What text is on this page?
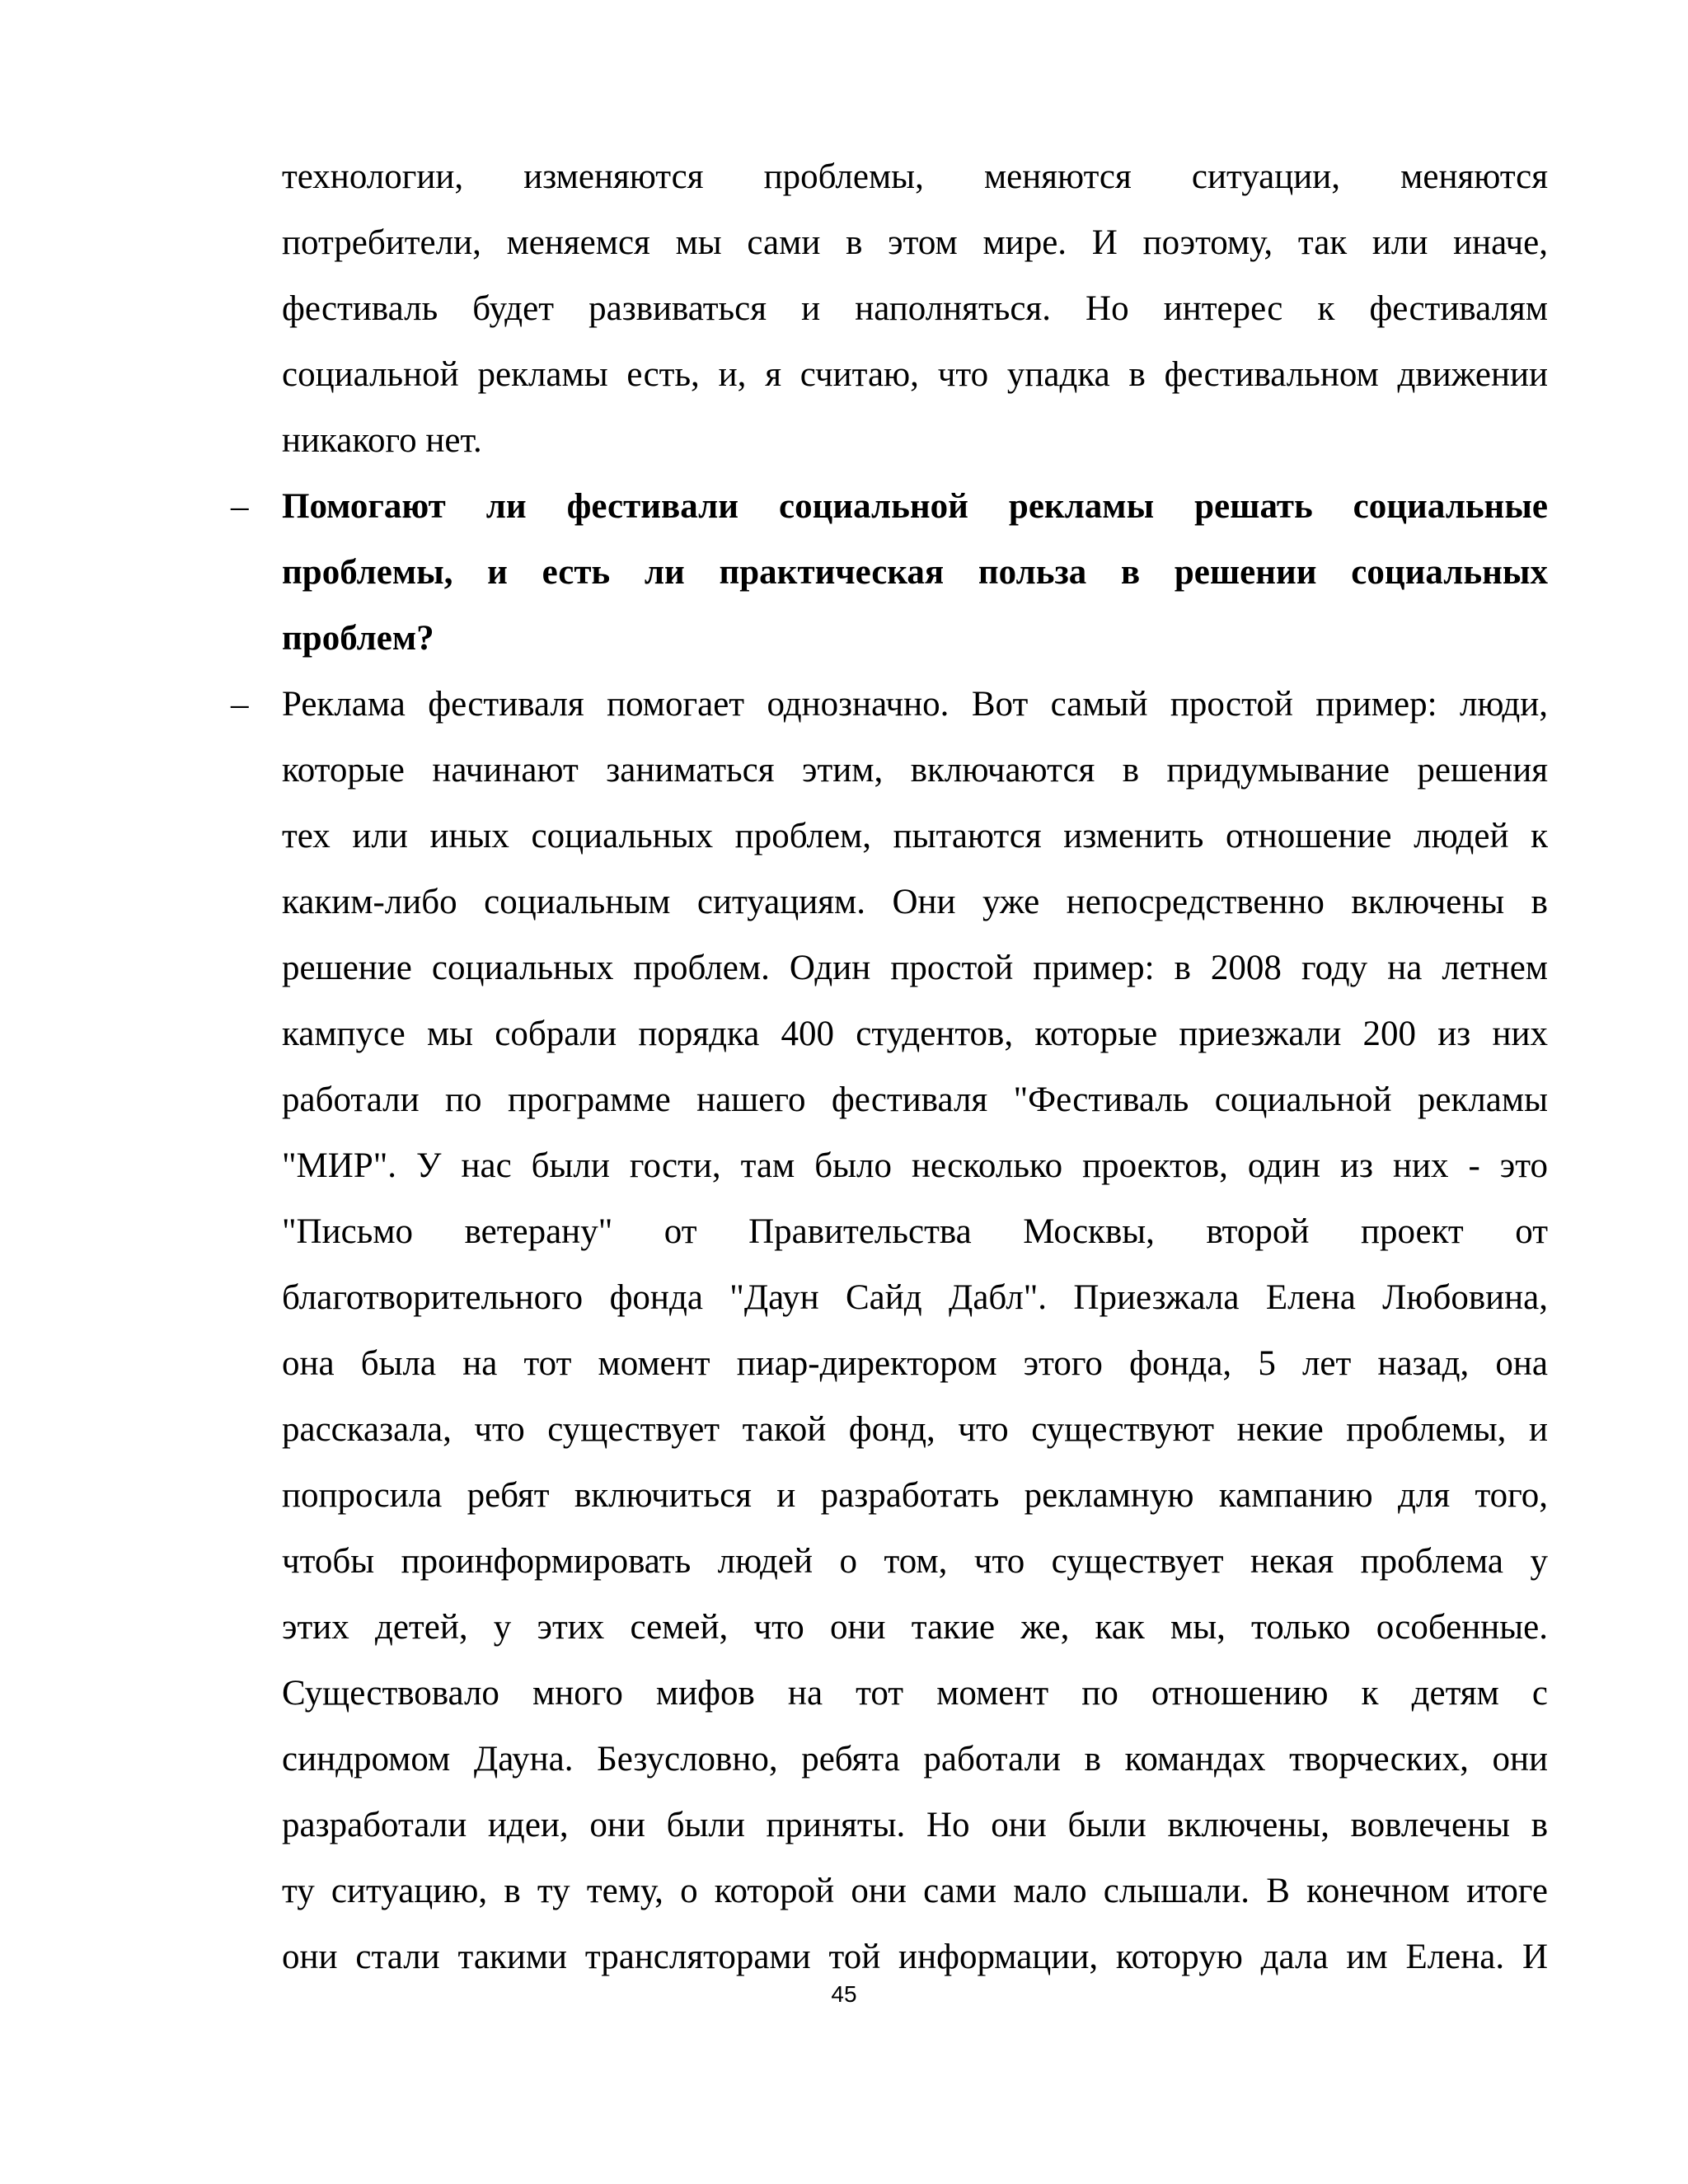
технологии, изменяются проблемы, меняются ситуации, меняются
потребители, меняемся мы сами в этом мире. И поэтому, так или иначе,
фестиваль будет развиваться и наполняться. Но интерес к фестивалям
социальной рекламы есть, и, я считаю, что упадка в фестивальном движении
никакого нет.
– Помогают ли фестивали социальной рекламы решать социальные
проблемы, и есть ли практическая польза в решении социальных
проблем?
– Реклама фестиваля помогает однозначно. Вот самый простой пример: люди,
которые начинают заниматься этим, включаются в придумывание решения
тех или иных социальных проблем, пытаются изменить отношение людей к
каким-либо социальным ситуациям. Они уже непосредственно включены в
решение социальных проблем. Один простой пример: в 2008 году на летнем
кампусе мы собрали порядка 400 студентов, которые приезжали 200 из них
работали по программе нашего фестиваля "Фестиваль социальной рекламы
"МИР". У нас были гости, там было несколько проектов, один из них - это
"Письмо ветерану" от Правительства Москвы, второй проект от
благотворительного фонда "Даун Сайд Дабл". Приезжала Елена Любовина,
она была на тот момент пиар-директором этого фонда, 5 лет назад, она
рассказала, что существует такой фонд, что существуют некие проблемы, и
попросила ребят включиться и разработать рекламную кампанию для того,
чтобы проинформировать людей о том, что существует некая проблема у
этих детей, у этих семей, что они такие же, как мы, только особенные.
Существовало много мифов на тот момент по отношению к детям с
синдромом Дауна. Безусловно, ребята работали в командах творческих, они
разработали идеи, они были приняты. Но они были включены, вовлечены в
ту ситуацию, в ту тему, о которой они сами мало слышали. В конечном итоге
они стали такими трансляторами той информации, которую дала им Елена. И
45
